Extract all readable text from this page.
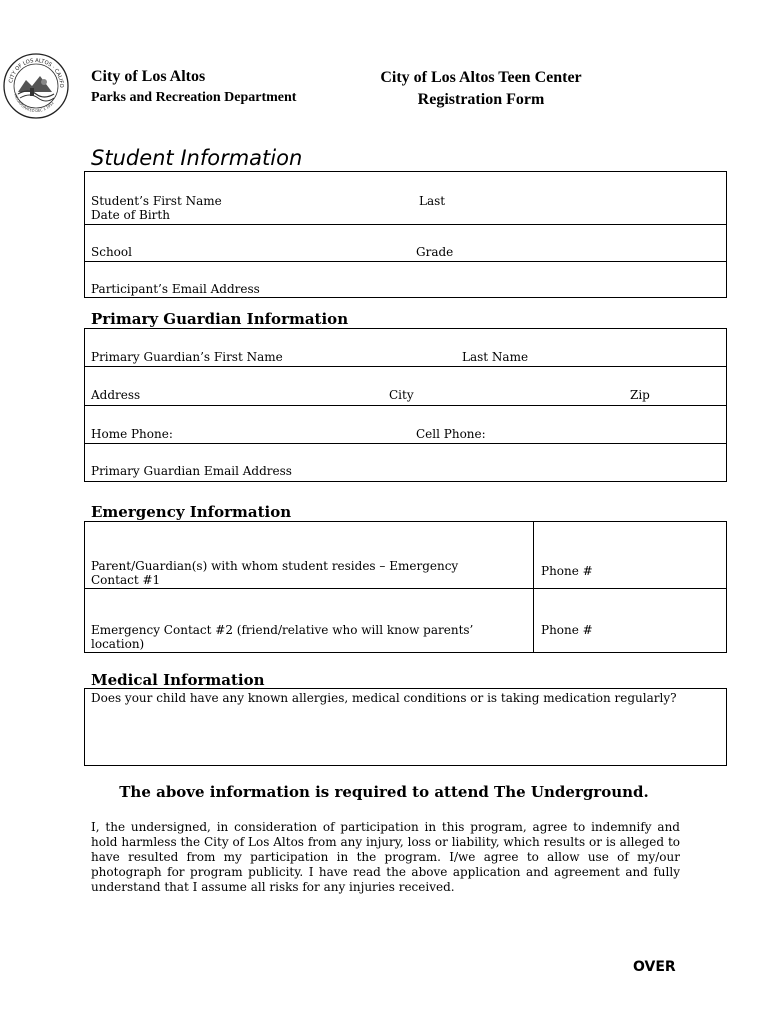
CITY OF LOS ALTOS · CALIFO
INCORPORATED DEC 1 1952
City of Los Altos
Parks and Recreation Department
City of Los Altos Teen Center
Registration Form
Student Information
Student’s First Name	Last
Date of Birth
School	Grade
Participant’s Email Address
Primary Guardian Information
Primary Guardian’s First Name	Last Name
Address	City	Zip
Home Phone:	Cell Phone:
Primary Guardian Email Address
Emergency Information
Parent/Guardian(s) with whom student resides – Emergency Contact #1
Phone #
Emergency Contact #2 (friend/relative who will know parents’ location)
Phone #
Medical Information
Does your child have any known allergies, medical conditions or is taking medication regularly?
The above information is required to attend The Underground.
I, the undersigned, in consideration of participation in this program, agree to indemnify and hold harmless the City of Los Altos from any injury, loss or liability, which results or is alleged to have resulted from my participation in the program. I/we agree to allow use of my/our photograph for program publicity. I have read the above application and agreement and fully understand that I assume all risks for any injuries received.
OVER
